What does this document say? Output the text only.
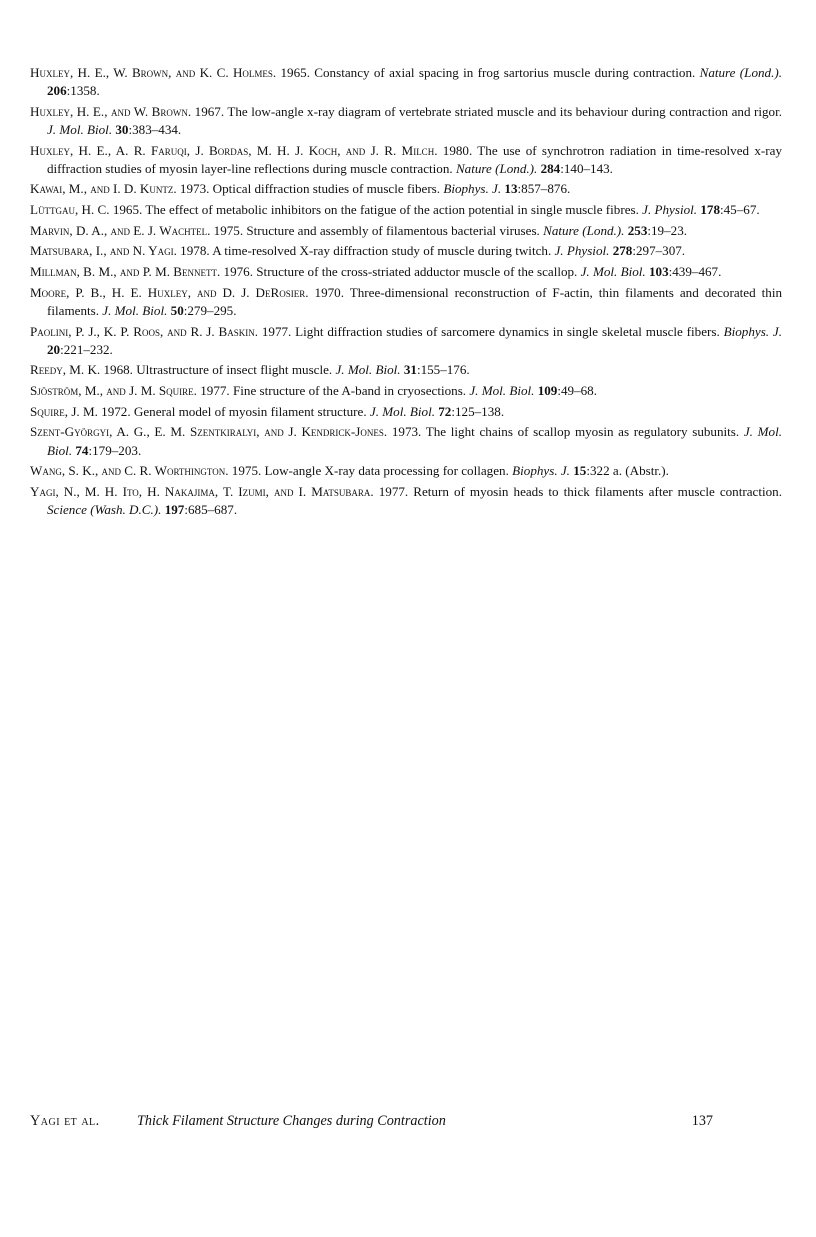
Huxley, H. E., W. Brown, and K. C. Holmes. 1965. Constancy of axial spacing in frog sartorius muscle during contraction. Nature (Lond.). 206:1358.
Huxley, H. E., and W. Brown. 1967. The low-angle x-ray diagram of vertebrate striated muscle and its behaviour during contraction and rigor. J. Mol. Biol. 30:383–434.
Huxley, H. E., A. R. Faruqi, J. Bordas, M. H. J. Koch, and J. R. Milch. 1980. The use of synchrotron radiation in time-resolved x-ray diffraction studies of myosin layer-line reflections during muscle contraction. Nature (Lond.). 284:140–143.
Kawai, M., and I. D. Kuntz. 1973. Optical diffraction studies of muscle fibers. Biophys. J. 13:857–876.
Lüttgau, H. C. 1965. The effect of metabolic inhibitors on the fatigue of the action potential in single muscle fibres. J. Physiol. 178:45–67.
Marvin, D. A., and E. J. Wachtel. 1975. Structure and assembly of filamentous bacterial viruses. Nature (Lond.). 253:19–23.
Matsubara, I., and N. Yagi. 1978. A time-resolved X-ray diffraction study of muscle during twitch. J. Physiol. 278:297–307.
Millman, B. M., and P. M. Bennett. 1976. Structure of the cross-striated adductor muscle of the scallop. J. Mol. Biol. 103:439–467.
Moore, P. B., H. E. Huxley, and D. J. DeRosier. 1970. Three-dimensional reconstruction of F-actin, thin filaments and decorated thin filaments. J. Mol. Biol. 50:279–295.
Paolini, P. J., K. P. Roos, and R. J. Baskin. 1977. Light diffraction studies of sarcomere dynamics in single skeletal muscle fibers. Biophys. J. 20:221–232.
Reedy, M. K. 1968. Ultrastructure of insect flight muscle. J. Mol. Biol. 31:155–176.
Sjöström, M., and J. M. Squire. 1977. Fine structure of the A-band in cryosections. J. Mol. Biol. 109:49–68.
Squire, J. M. 1972. General model of myosin filament structure. J. Mol. Biol. 72:125–138.
Szent-Györgyi, A. G., E. M. Szentkiralyi, and J. Kendrick-Jones. 1973. The light chains of scallop myosin as regulatory subunits. J. Mol. Biol. 74:179–203.
Wang, S. K., and C. R. Worthington. 1975. Low-angle X-ray data processing for collagen. Biophys. J. 15:322 a. (Abstr.).
Yagi, N., M. H. Ito, H. Nakajima, T. Izumi, and I. Matsubara. 1977. Return of myosin heads to thick filaments after muscle contraction. Science (Wash. D.C.). 197:685–687.
Yagi et al.	Thick Filament Structure Changes during Contraction	137
